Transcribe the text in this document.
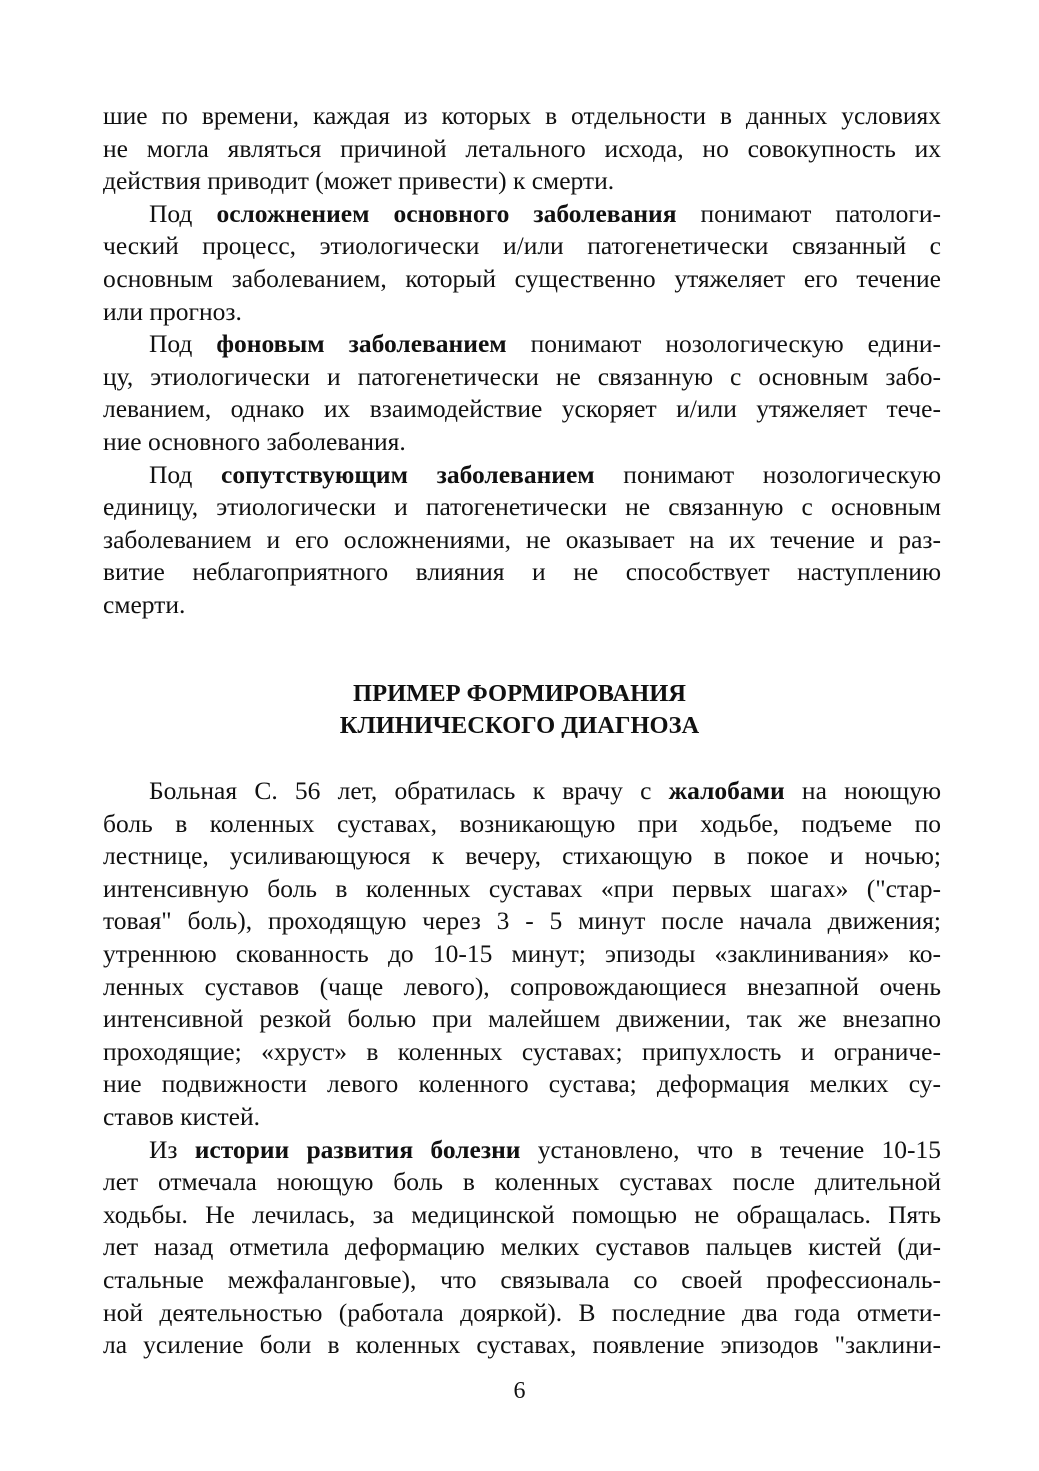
шие по времени, каждая из которых в отдельности в данных условиях
не могла являться причиной летального исхода, но совокупность их
действия приводит (может привести) к смерти.

Под осложнением основного заболевания понимают патологи-
ческий процесс, этиологически и/или патогенетически связанный с
основным заболеванием, который существенно утяжеляет его течение
или прогноз.

Под фоновым заболеванием понимают нозологическую едини-
цу, этиологически и патогенетически не связанную с основным забо-
леванием, однако их взаимодействие ускоряет и/или утяжеляет тече-
ние основного заболевания.

Под сопутствующим заболеванием понимают нозологическую
единицу, этиологически и патогенетически не связанную с основным
заболеванием и его осложнениями, не оказывает на их течение и раз-
витие неблагоприятного влияния и не способствует наступлению
смерти.

ПРИМЕР ФОРМИРОВАНИЯ
КЛИНИЧЕСКОГО ДИАГНОЗА

Больная С. 56 лет, обратилась к врачу с жалобами на ноющую
боль в коленных суставах, возникающую при ходьбе, подъеме по
лестнице, усиливающуюся к вечеру, стихающую в покое и ночью;
интенсивную боль в коленных суставах «при первых шагах» ("стар-
товая" боль), проходящую через 3 - 5 минут после начала движения;
утреннюю скованность до 10-15 минут; эпизоды «заклинивания» ко-
ленных суставов (чаще левого), сопровождающиеся внезапной очень
интенсивной резкой болью при малейшем движении, так же внезапно
проходящие; «хруст» в коленных суставах; припухлость и ограниче-
ние подвижности левого коленного сустава; деформация мелких су-
ставов кистей.

Из истории развития болезни установлено, что в течение 10-15
лет отмечала ноющую боль в коленных суставах после длительной
ходьбы. Не лечилась, за медицинской помощью не обращалась. Пять
лет назад отметила деформацию мелких суставов пальцев кистей (ди-
стальные межфаланговые), что связывала со своей профессиональ-
ной деятельностью (работала дояркой). В последние два года отмети-
ла усиление боли в коленных суставах, появление эпизодов "заклини-

6
